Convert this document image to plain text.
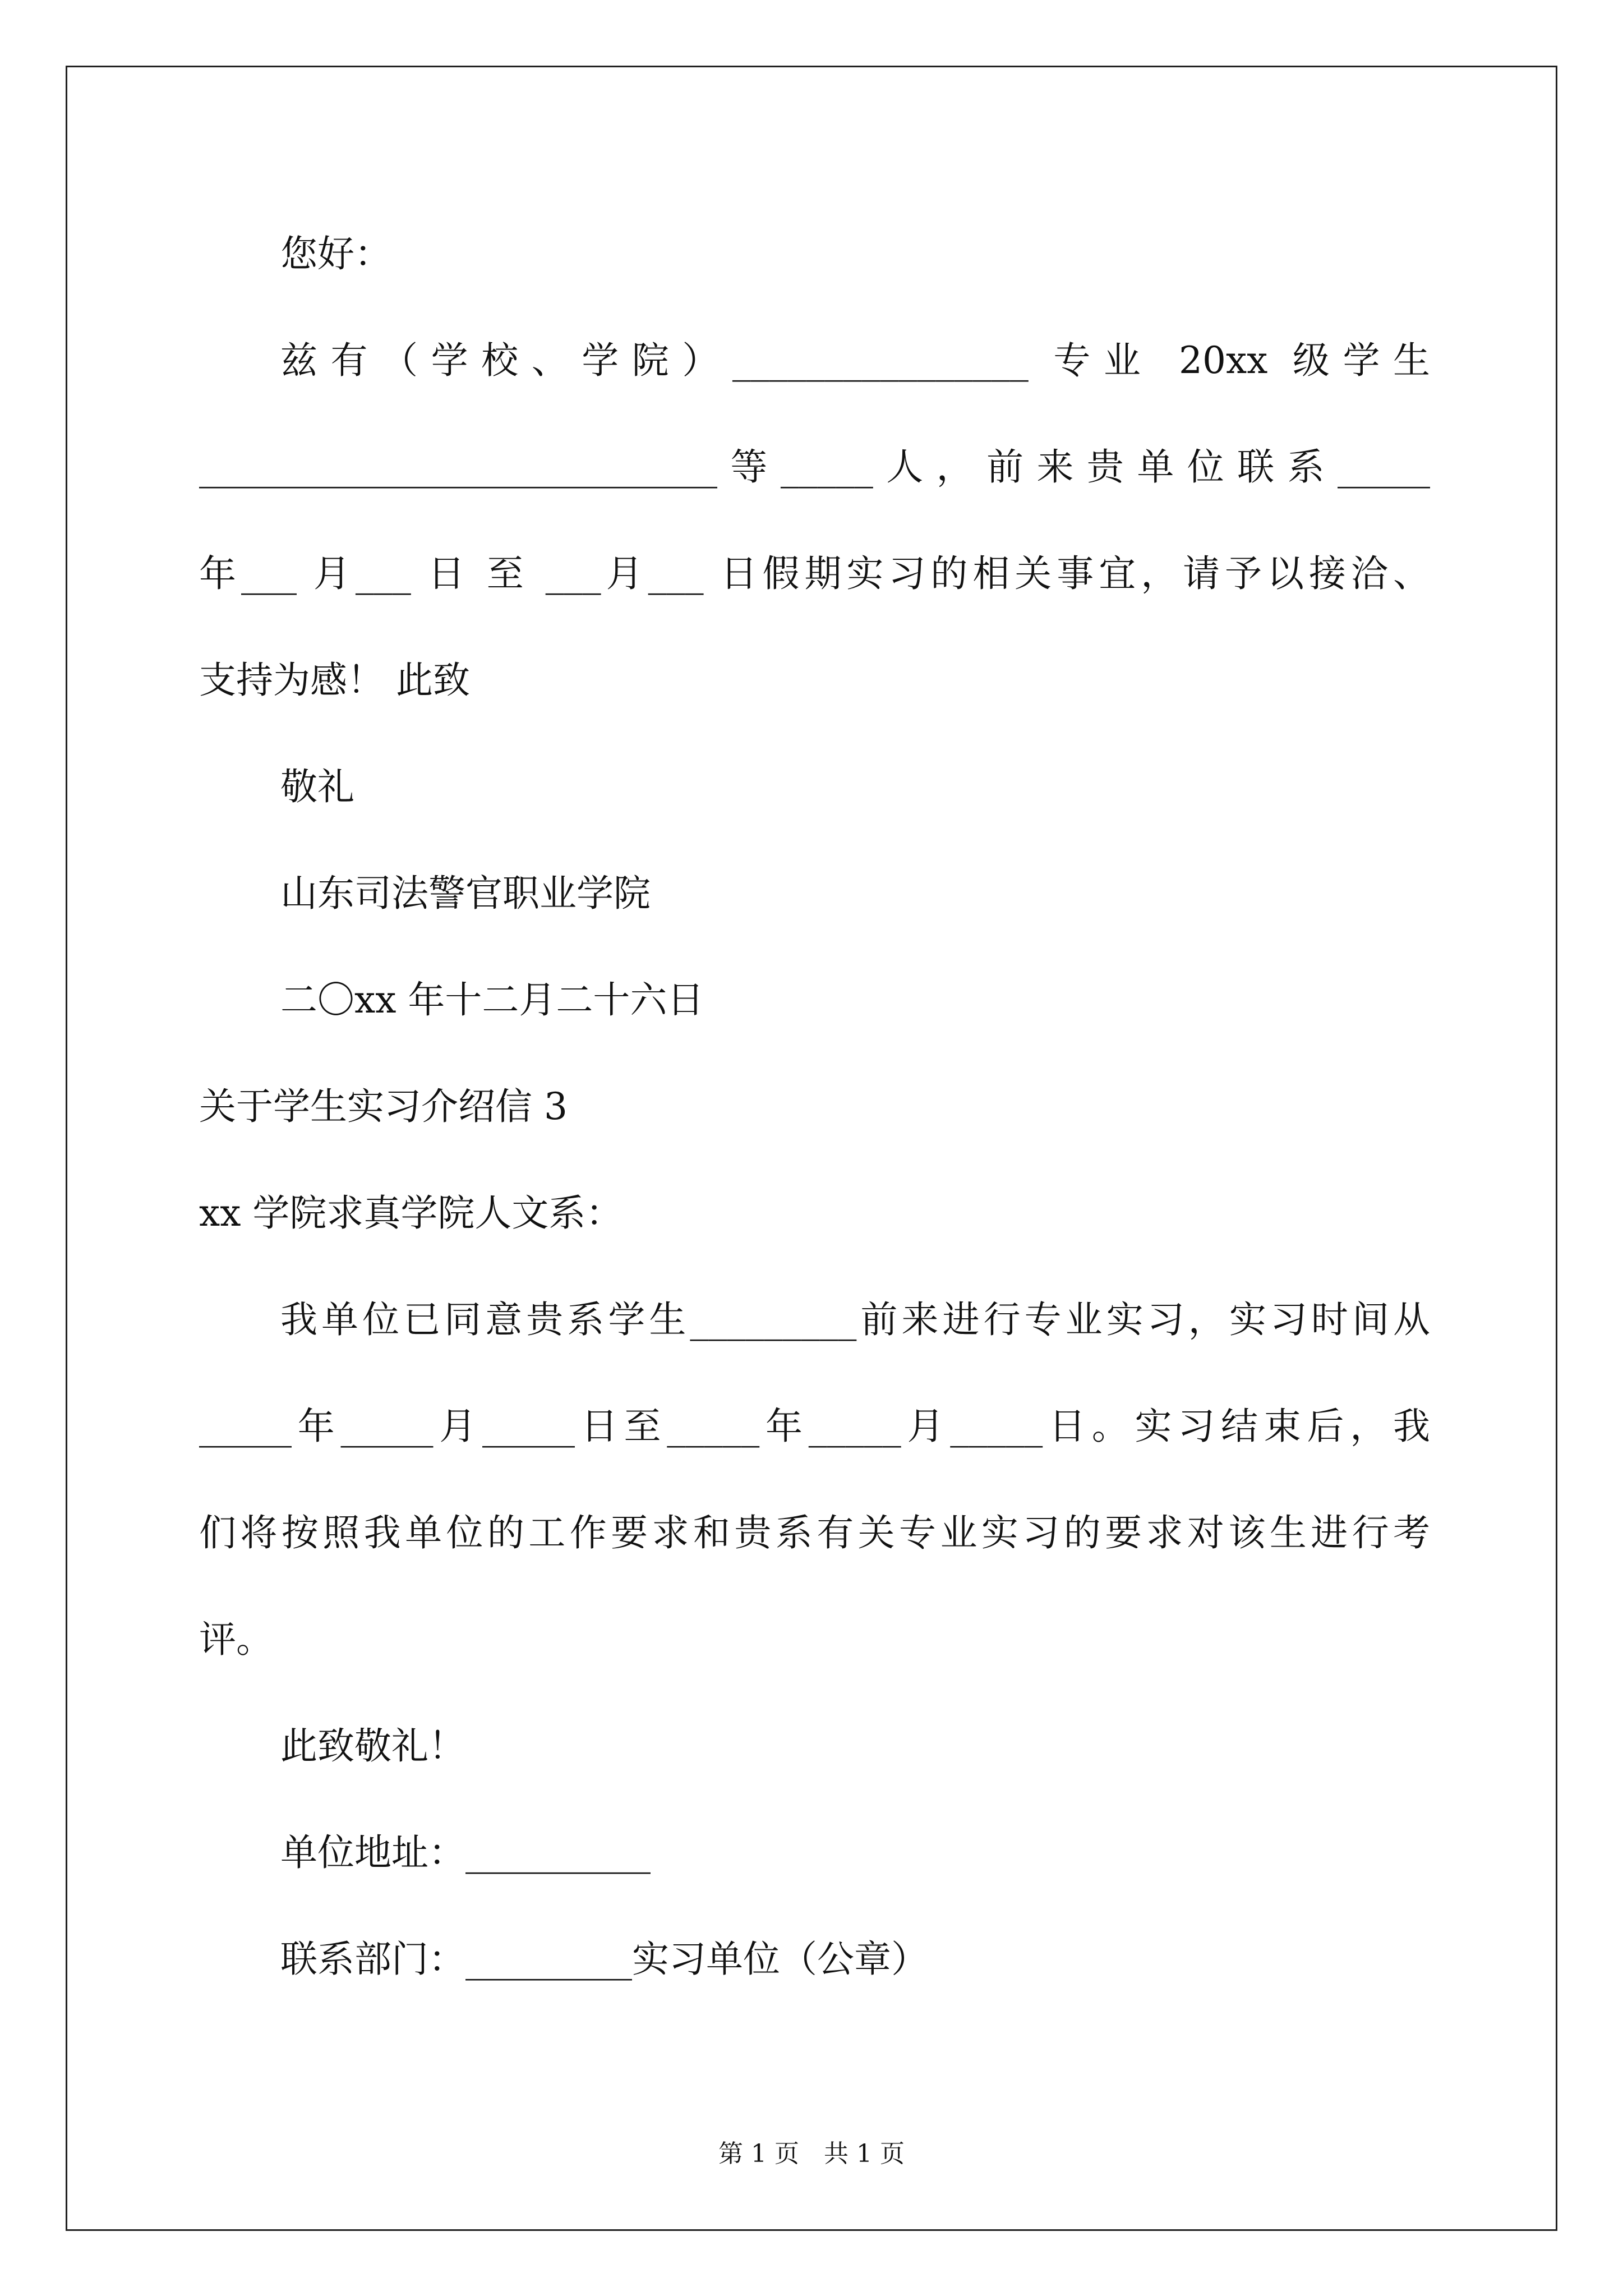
您好：
兹有（学校、学院）________________ 专业 20xx 级学生
____________________________等_____人，前来贵单位联系_____
年___ 月___ 日 至 ___月___ 日假期实习的相关事宜，请予以接洽、
支持为感！ 此致
敬礼
山东司法警官职业学院
二〇xx 年十二月二十六日
关于学生实习介绍信 3
xx 学院求真学院人文系：
我单位已同意贵系学生_________前来进行专业实习，实习时间从
_____年_____月_____日至_____年_____月_____日。实习结束后，我
们将按照我单位的工作要求和贵系有关专业实习的要求对该生进行考
评。
此致敬礼！
单位地址：__________
联系部门：_________实习单位（公章）
第 1 页　共 1 页
